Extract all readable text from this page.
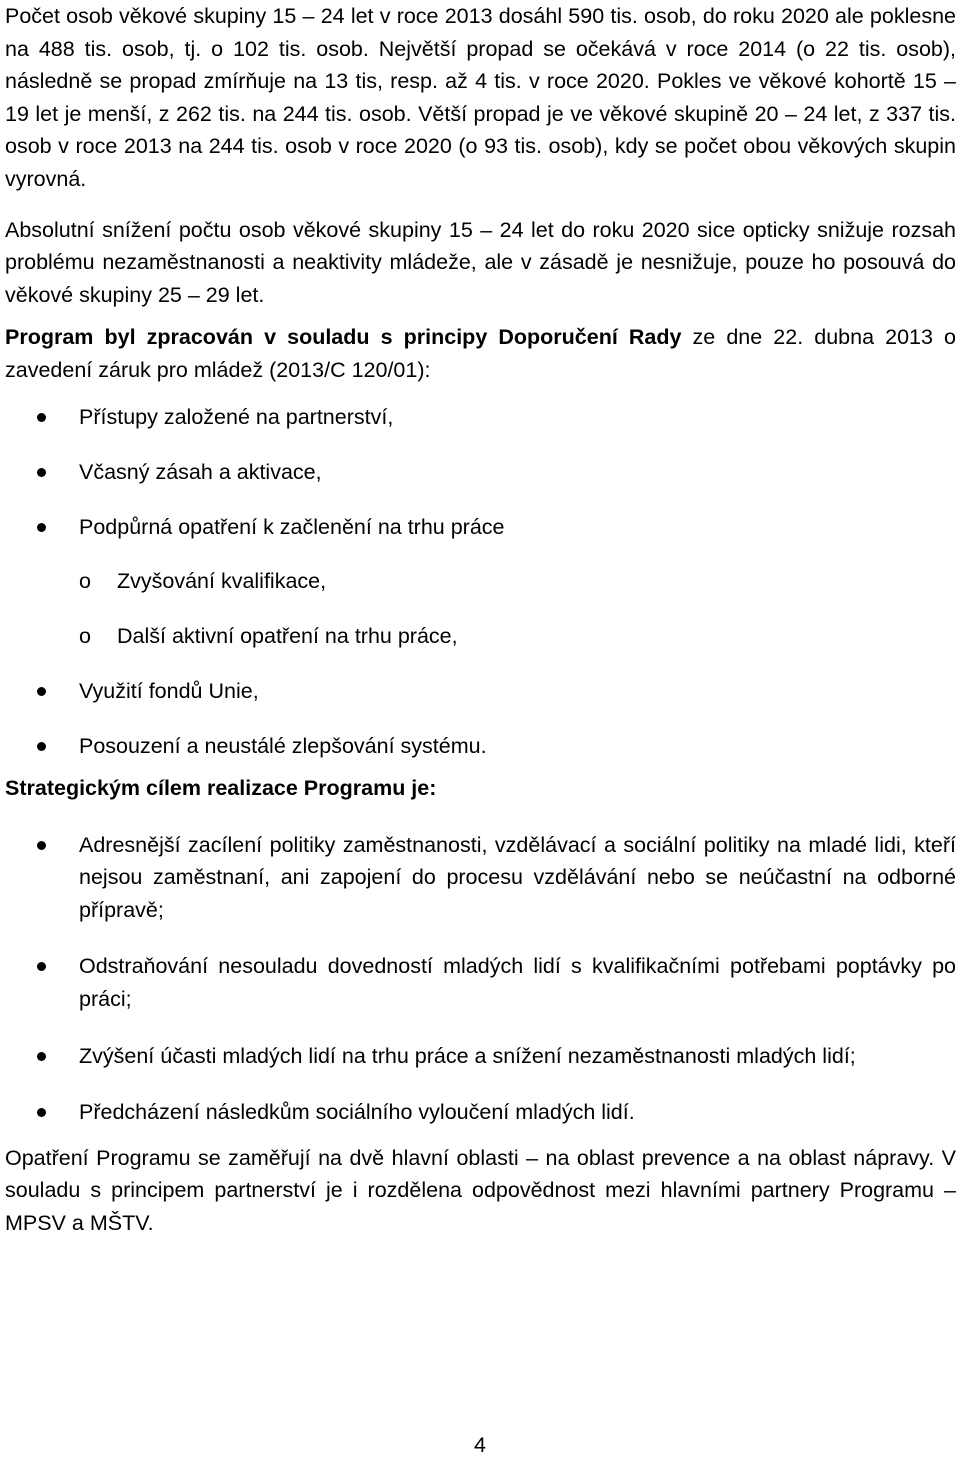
Počet osob věkové skupiny 15 – 24 let v roce 2013 dosáhl 590 tis. osob, do roku 2020 ale poklesne na 488 tis. osob, tj. o 102 tis. osob. Největší propad se očekává v roce 2014 (o 22 tis. osob), následně se propad zmírňuje na 13 tis, resp. až 4 tis. v roce 2020. Pokles ve věkové kohortě 15 – 19 let je menší, z 262 tis. na 244 tis. osob. Větší propad je ve věkové skupině 20 – 24 let, z 337 tis. osob v roce 2013 na 244 tis. osob v roce 2020 (o 93 tis. osob), kdy se počet obou věkových skupin vyrovná.

Absolutní snížení počtu osob věkové skupiny 15 – 24 let do roku 2020 sice opticky snižuje rozsah problému nezaměstnanosti a neaktivity mládeže, ale v zásadě je nesnižuje, pouze ho posouvá do věkové skupiny 25 – 29 let.

Program byl zpracován v souladu s principy Doporučení Rady ze dne 22. dubna 2013 o zavedení záruk pro mládež (2013/C 120/01):

Přístupy založené na partnerství,
Včasný zásah a aktivace,
Podpůrná opatření k začlenění na trhu práce
o Zvyšování kvalifikace,
o Další aktivní opatření na trhu práce,
Využití fondů Unie,
Posouzení a neustálé zlepšování systému.

Strategickým cílem realizace Programu je:

Adresnější zacílení politiky zaměstnanosti, vzdělávací a sociální politiky na mladé lidi, kteří nejsou zaměstnaní, ani zapojení do procesu vzdělávání nebo se neúčastní na odborné přípravě;
Odstraňování nesouladu dovedností mladých lidí s kvalifikačními potřebami poptávky po práci;
Zvýšení účasti mladých lidí na trhu práce a snížení nezaměstnanosti mladých lidí;
Předcházení následkům sociálního vyloučení mladých lidí.

Opatření Programu se zaměřují na dvě hlavní oblasti – na oblast prevence a na oblast nápravy. V souladu s principem partnerství je i rozdělena odpovědnost mezi hlavními partnery Programu – MPSV a MŠTV.

4
